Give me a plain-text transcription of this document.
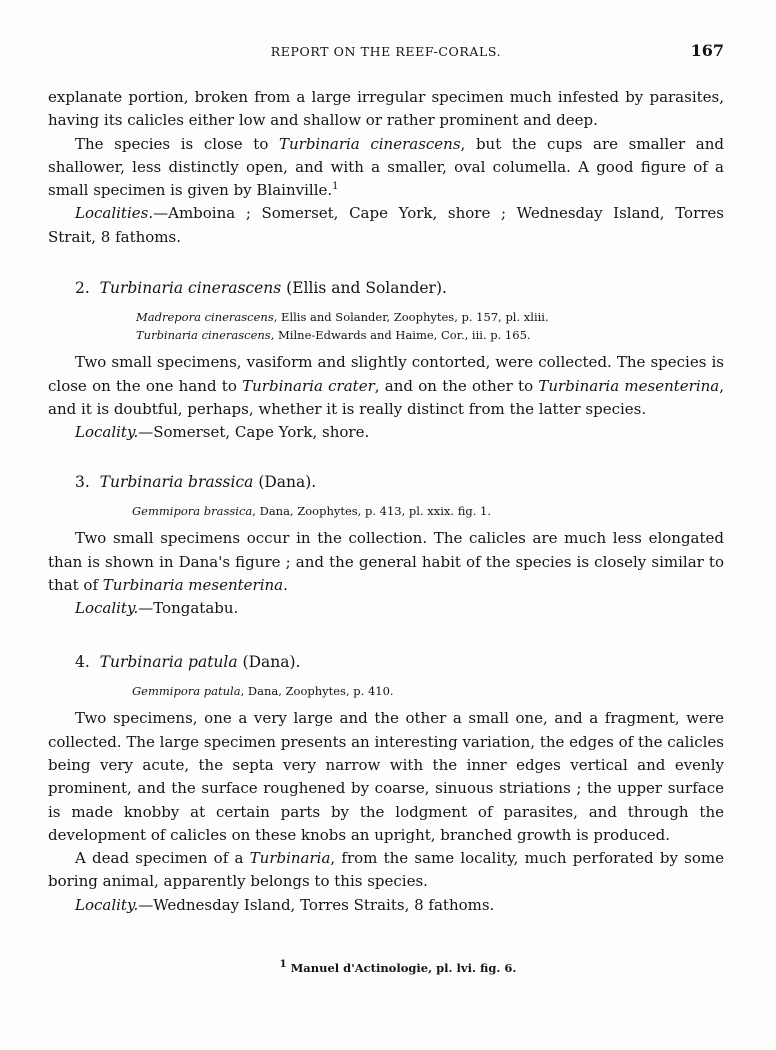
REPORT ON THE REEF-CORALS.	167

explanate portion, broken from a large irregular specimen much infested by parasites, having its calicles either low and shallow or rather prominent and deep.

The species is close to Turbinaria cinerascens, but the cups are smaller and shallower, less distinctly open, and with a smaller, oval columella. A good figure of a small specimen is given by Blainville.$^1$

Localities.—Amboina ; Somerset, Cape York, shore ; Wednesday Island, Torres Strait, 8 fathoms.

2. Turbinaria cinerascens (Ellis and Solander).

Madrepora cinerascens, Ellis and Solander, Zoophytes, p. 157, pl. xliii.
Turbinaria cinerascens, Milne-Edwards and Haime, Cor., iii. p. 165.

Two small specimens, vasiform and slightly contorted, were collected. The species is close on the one hand to Turbinaria crater, and on the other to Turbinaria mesenterina, and it is doubtful, perhaps, whether it is really distinct from the latter species.

Locality.—Somerset, Cape York, shore.

3. Turbinaria brassica (Dana).

Gemmipora brassica, Dana, Zoophytes, p. 413, pl. xxix. fig. 1.

Two small specimens occur in the collection. The calicles are much less elongated than is shown in Dana's figure ; and the general habit of the species is closely similar to that of Turbinaria mesenterina.

Locality.—Tongatabu.

4. Turbinaria patula (Dana).

Gemmipora patula, Dana, Zoophytes, p. 410.

Two specimens, one a very large and the other a small one, and a fragment, were collected. The large specimen presents an interesting variation, the edges of the calicles being very acute, the septa very narrow with the inner edges vertical and evenly prominent, and the surface roughened by coarse, sinuous striations ; the upper surface is made knobby at certain parts by the lodgment of parasites, and through the development of calicles on these knobs an upright, branched growth is produced.

A dead specimen of a Turbinaria, from the same locality, much perforated by some boring animal, apparently belongs to this species.

Locality.—Wednesday Island, Torres Straits, 8 fathoms.

$^1$ Manuel d'Actinologie, pl. lvi. fig. 6.
